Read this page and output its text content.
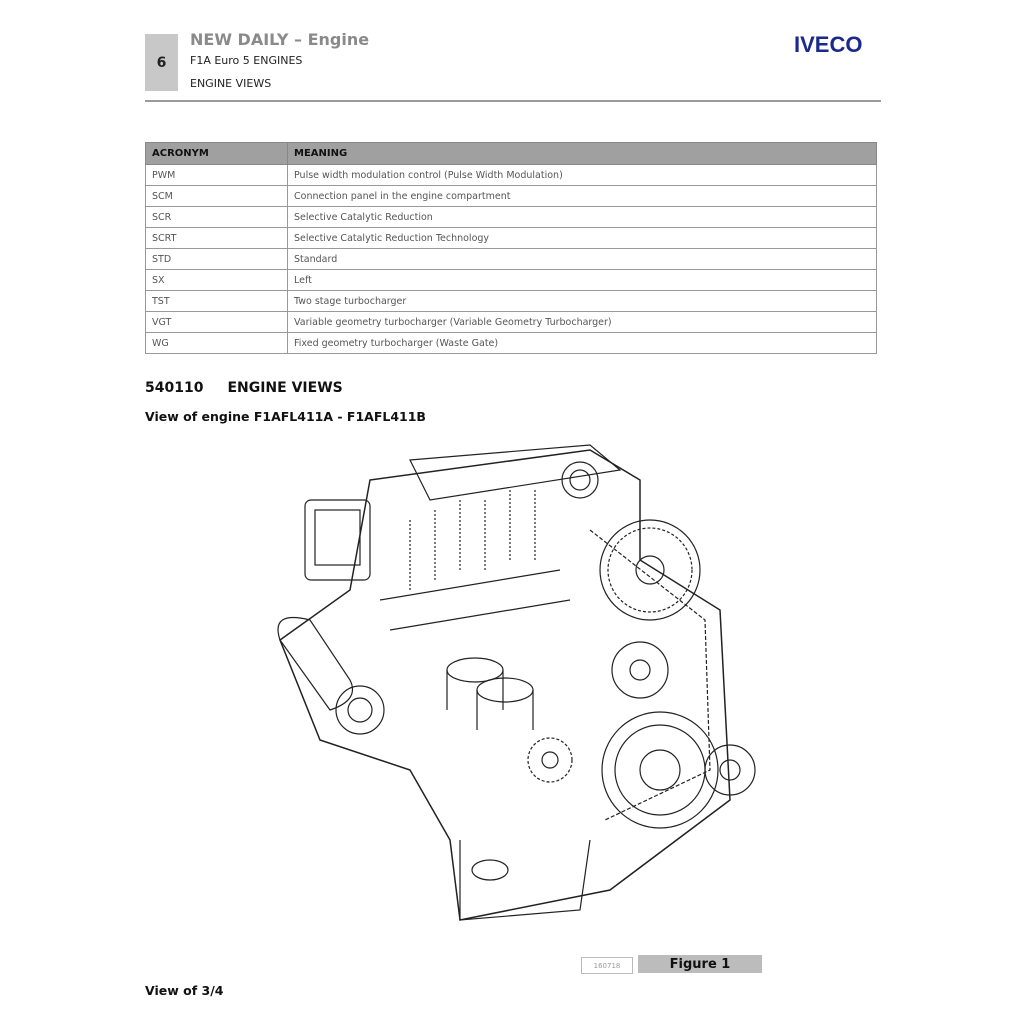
6
NEW DAILY – Engine
F1A Euro 5 ENGINES
ENGINE VIEWS
IVECO
ACRONYM	MEANING
PWM	Pulse width modulation control (Pulse Width Modulation)
SCM	Connection panel in the engine compartment
SCR	Selective Catalytic Reduction
SCRT	Selective Catalytic Reduction Technology
STD	Standard
SX	Left
TST	Two stage turbocharger
VGT	Variable geometry turbocharger (Variable Geometry Turbocharger)
WG	Fixed geometry turbocharger (Waste Gate)
540110 ENGINE VIEWS
View of engine F1AFL411A - F1AFL411B
160718	Figure 1
View of 3/4
